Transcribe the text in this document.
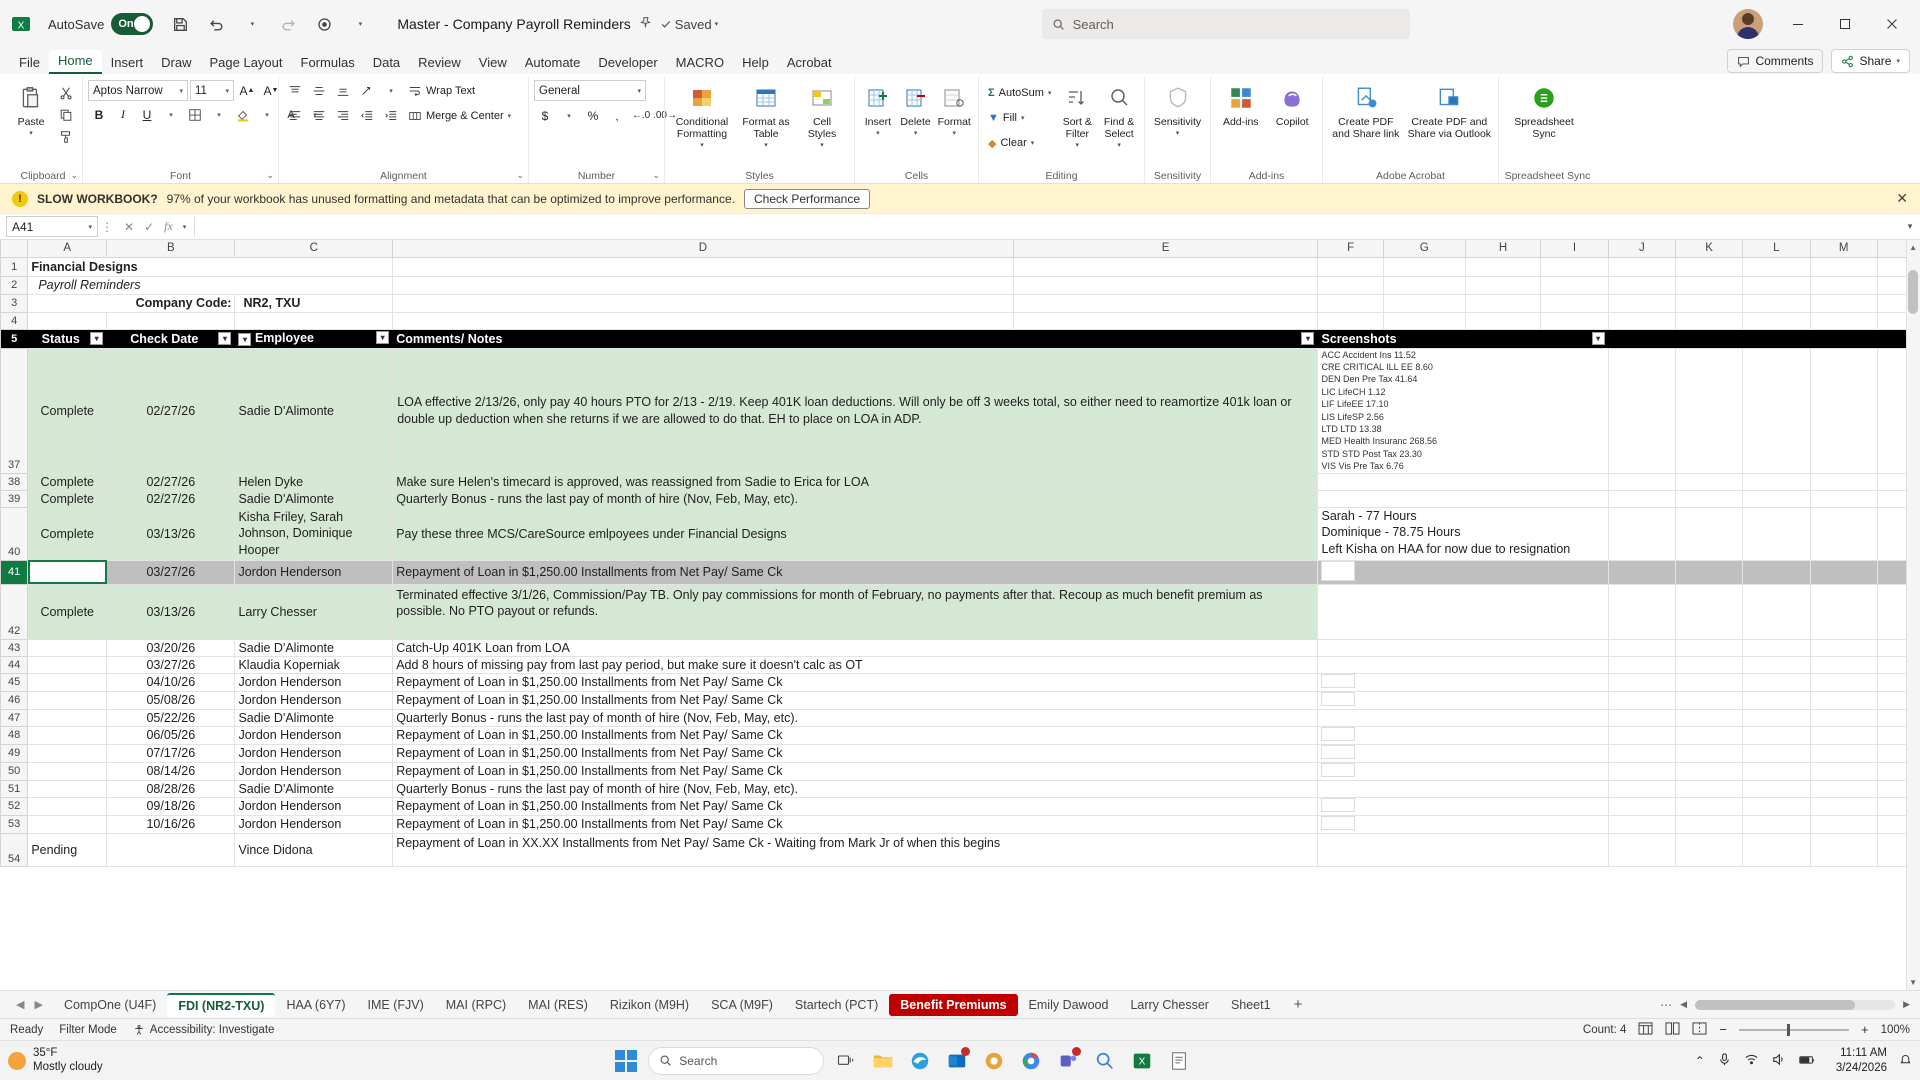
X AutoSave On	▾	▾	Master - Company Payroll Reminders	Saved ▾	Search
File	Home	Insert	Draw	Page Layout	Formulas	Data	Review	View	Automate	Developer	MACRO	Help	Acrobat	Comments	Share ▾
Paste
▾
Clipboard ⌄
Aptos Narrow ▾ 11	▾ A ▲ A ▼
B	I	U	▾	▾	▾ A	▾
Font	⌄
▾	Wrap Text
Merge & Center ▾
Alignment	⌄
General	▾
$	▾	%	,	←.0 .00→
Number	⌄
Conditional Formatting
▾
Format as Table
▾
Cell Styles
▾
Styles
Insert
▾
Delete
▾
Format
▾
Cells
Σ AutoSum ▾
▼ Fill ▾
◆ Clear ▾
Sort & Filter
▾
Find & Select
▾
Editing
Sensitivity
▾
Sensitivity
Add-ins Copilot
Add-ins
Create PDF and Share link
Create PDF and Share via Outlook
Adobe Acrobat
Spreadsheet Sync
Spreadsheet Sync
!	SLOW WORKBOOK? 97% of your workbook has unused formatting and metadata that can be optimized to improve performance.	Check Performance	✕
A41	▾ ⋮ ✕ ✓ fx ▾	▾
	A	B	C	D	E	F	G	H	I	J	K	L	M	
1	Financial Designs													
2	Payroll Reminders													
3	Company Code:		NR2, TXU											
4														
5	Status ▾	Check Date ▾	▾ Employee ▾	Comments/ Notes ▾		Screenshots ▾								

37	Complete	02/27/26	Sadie D'Alimonte	LOA effective 2/13/26, only pay 40 hours PTO for 2/13 - 2/19. Keep 401K loan deductions. Will only be off 3 weeks total, so either need to reamortize 401k loan or double up deduction when she returns if we are allowed to do that. EH to place on LOA in ADP.	
ACC Accident Ins 11.52
CRE CRITICAL ILL EE 8.60
DEN Den Pre Tax 41.64
LIC LifeCH 1.12
LIF LifeEE 17.10
LIS LifeSP 2.56
LTD LTD 13.38
MED Health Insuranc 268.56
STD STD Post Tax 23.30
VIS Vis Pre Tax 6.76

38	Complete	02/27/26	Helen Dyke	Make sure Helen's timecard is approved, was reassigned from Sadie to Erica for LOA										
39	Complete	02/27/26	Sadie D'Alimonte	Quarterly Bonus - runs the last pay of month of hire (Nov, Feb, May, etc).										
40	Complete	03/13/26	Kisha Friley, Sarah Johnson, Dominique Hooper	Pay these three MCS/CareSource emlpoyees under Financial Designs		Sarah - 77 Hours
Dominique - 78.75 Hours
Left Kisha on HAA for now due to resignation								

41		03/27/26	Jordon Henderson	Repayment of Loan in $1,250.00 Installments from Net Pay/ Same Ck										
42	Complete	03/13/26	Larry Chesser	Terminated effective 3/1/26, Commission/Pay TB. Only pay commissions for month of February, no payments after that. Recoup as much benefit premium as possible. No PTO payout or refunds.										
43		03/20/26	Sadie D'Alimonte	Catch-Up 401K Loan from LOA										
44		03/27/26	Klaudia Koperniak	Add 8 hours of missing pay from last pay period, but make sure it doesn't calc as OT										
45		04/10/26	Jordon Henderson	Repayment of Loan in $1,250.00 Installments from Net Pay/ Same Ck										
46		05/08/26	Jordon Henderson	Repayment of Loan in $1,250.00 Installments from Net Pay/ Same Ck										
47		05/22/26	Sadie D'Alimonte	Quarterly Bonus - runs the last pay of month of hire (Nov, Feb, May, etc).										
48		06/05/26	Jordon Henderson	Repayment of Loan in $1,250.00 Installments from Net Pay/ Same Ck										
49		07/17/26	Jordon Henderson	Repayment of Loan in $1,250.00 Installments from Net Pay/ Same Ck										
50		08/14/26	Jordon Henderson	Repayment of Loan in $1,250.00 Installments from Net Pay/ Same Ck										
51		08/28/26	Sadie D'Alimonte	Quarterly Bonus - runs the last pay of month of hire (Nov, Feb, May, etc).										
52		09/18/26	Jordon Henderson	Repayment of Loan in $1,250.00 Installments from Net Pay/ Same Ck										
53		10/16/26	Jordon Henderson	Repayment of Loan in $1,250.00 Installments from Net Pay/ Same Ck										
54	Pending		Vince Didona	Repayment of Loan in XX.XX Installments from Net Pay/ Same Ck - Waiting from Mark Jr of when this begins										
▲
▼
◀ ▶	CompOne (U4F)	FDI (NR2-TXU)	HAA (6Y7)	IME (FJV)	MAI (RPC)	MAI (RES)	Rizikon (M9H)	SCA (M9F)	Startech (PCT)	Benefit Premiums	Emily Dawood	Larry Chesser	Sheet1	+	⋯ ◀	▶
Ready Filter Mode	Accessibility: Investigate	Count: 4	−	+ 100%
35°F
Mostly cloudy	Search	X	⌃
11:11 AM
3/24/2026
